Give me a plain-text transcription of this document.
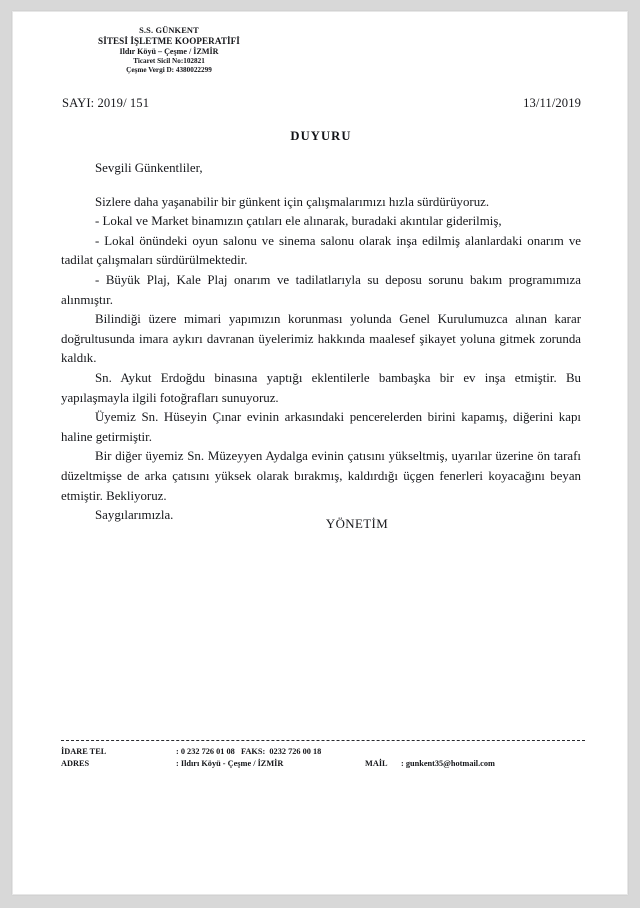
S.S. GÜNKENT
SİTESİ İŞLETME KOOPERATİFİ
Ildır Köyü – Çeşme / İZMİR
Ticaret Sicil No:102821
Çeşme Vergi D: 4380022299
SAYI: 2019/ 151	13/11/2019
DUYURU

Sevgili Günkentliler,

Sizlere daha yaşanabilir bir günkent için çalışmalarımızı hızla sürdürüyoruz.

- Lokal ve Market binamızın çatıları ele alınarak, buradaki akıntılar giderilmiş,

- Lokal önündeki oyun salonu ve sinema salonu olarak inşa edilmiş alanlardaki onarım ve tadilat çalışmaları sürdürülmektedir.

- Büyük Plaj, Kale Plaj onarım ve tadilatlarıyla su deposu sorunu bakım programımıza alınmıştır.

Bilindiği üzere mimari yapımızın korunması yolunda Genel Kurulumuzca alınan karar doğrultusunda imara aykırı davranan üyelerimiz hakkında maalesef şikayet yoluna gitmek zorunda kaldık.

Sn. Aykut Erdoğdu binasına yaptığı eklentilerle bambaşka bir ev inşa etmiştir. Bu yapılaşmayla ilgili fotoğrafları sunuyoruz.

Üyemiz Sn. Hüseyin Çınar evinin arkasındaki pencerelerden birini kapamış, diğerini kapı haline getirmiştir.

Bir diğer üyemiz Sn. Müzeyyen Aydalga evinin çatısını yükseltmiş, uyarılar üzerine ön tarafı düzeltmişse de arka çatısını yüksek olarak bırakmış, kaldırdığı üçgen fenerleri koyacağını beyan etmiştir. Bekliyoruz.

Saygılarımızla.

YÖNETİM
İDARE TEL	: 0 232 726 01 08   FAKS:  0232 726 00 18
ADRES	: Ildırı Köyü - Çeşme / İZMİR	MAİL : gunkent35@hotmail.com
